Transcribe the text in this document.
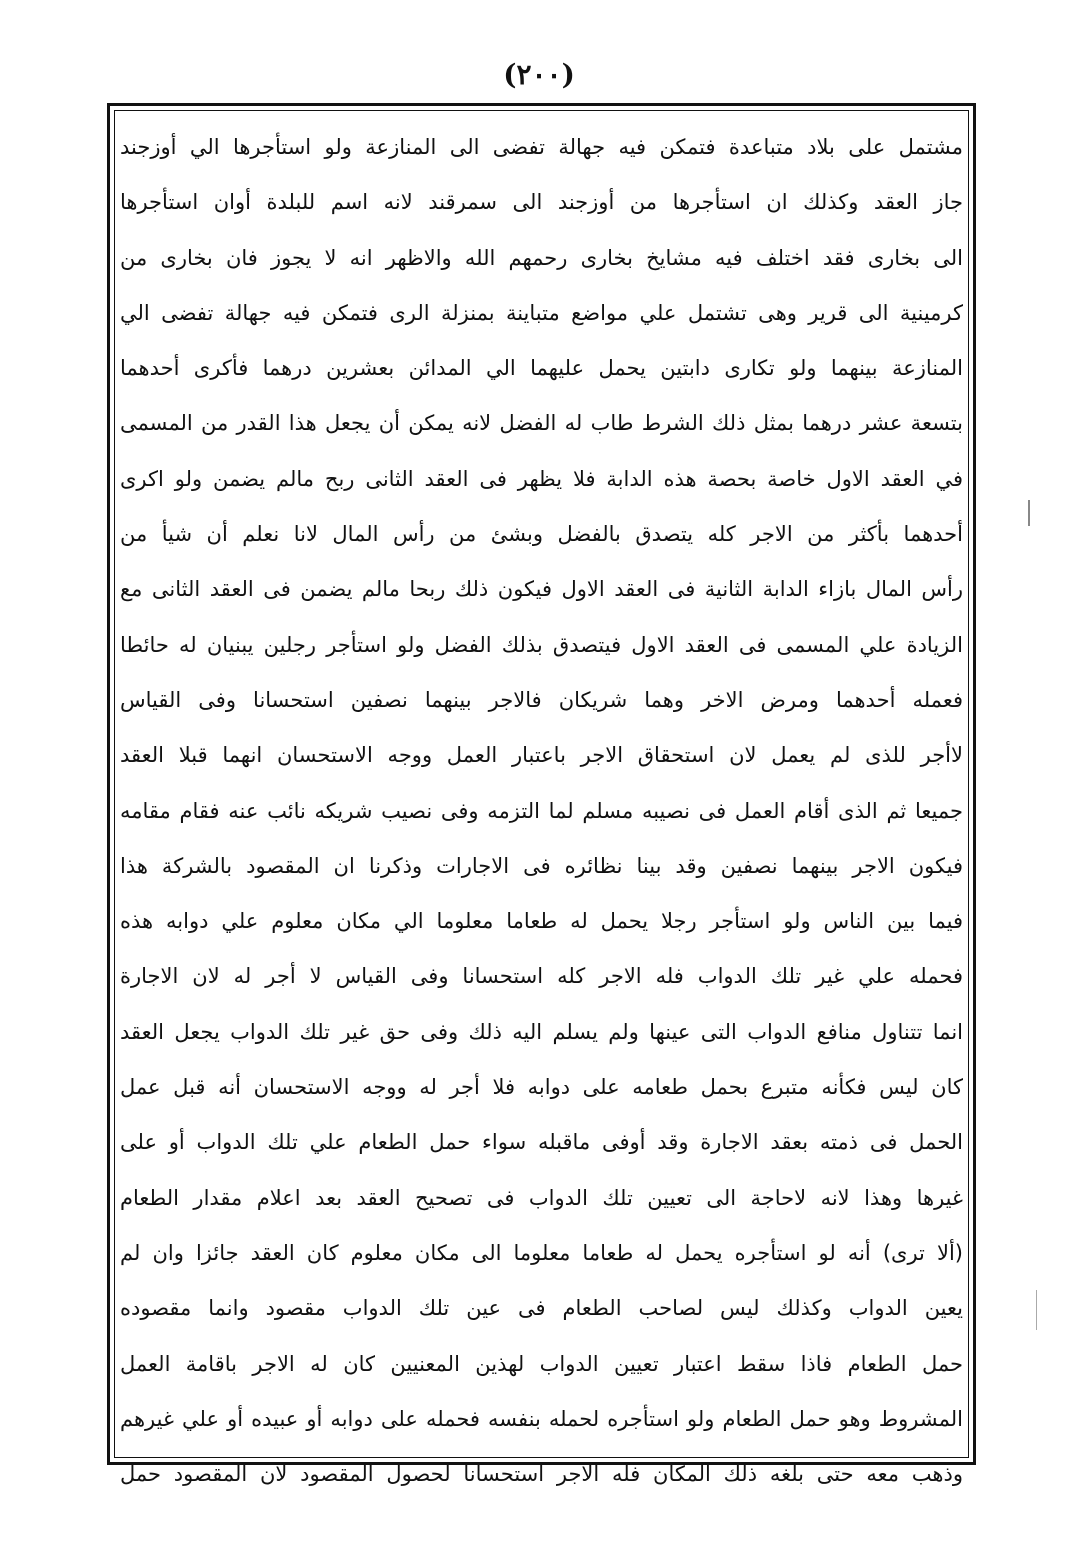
(٢٠٠)
مشتمل على بلاد متباعدة فتمكن فيه جهالة تفضى الى المنازعة ولو استأجرها الي أوزجند
جاز العقد وكذلك ان استأجرها من أوزجند الى سمرقند لانه اسم للبلدة أوان استأجرها
الى بخارى فقد اختلف فيه مشايخ بخارى رحمهم الله والاظهر انه لا يجوز فان بخارى من
كرمينية الى قرير وهى تشتمل علي مواضع متباينة بمنزلة الرى فتمكن فيه جهالة تفضى الي
المنازعة بينهما ولو تكارى دابتين يحمل عليهما الي المدائن بعشرين درهما فأكرى أحدهما
بتسعة عشر درهما بمثل ذلك الشرط طاب له الفضل لانه يمكن أن يجعل هذا القدر من المسمى
في العقد الاول خاصة بحصة هذه الدابة فلا يظهر فى العقد الثانى ربح مالم يضمن ولو اكرى
أحدهما بأكثر من الاجر كله يتصدق بالفضل وبشئ من رأس المال لانا نعلم أن شيأ من
رأس المال بازاء الدابة الثانية فى العقد الاول فيكون ذلك ربحا مالم يضمن فى العقد الثانى مع
الزيادة علي المسمى فى العقد الاول فيتصدق بذلك الفضل ولو استأجر رجلين يبنيان له حائطا
فعمله أحدهما ومرض الاخر وهما شريكان فالاجر بينهما نصفين استحسانا وفى القياس
لاأجر للذى لم يعمل لان استحقاق الاجر باعتبار العمل ووجه الاستحسان انهما قبلا العقد
جميعا ثم الذى أقام العمل فى نصيبه مسلم لما التزمه وفى نصيب شريكه نائب عنه فقام مقامه
فيكون الاجر بينهما نصفين وقد بينا نظائره فى الاجارات وذكرنا ان المقصود بالشركة هذا
فيما بين الناس ولو استأجر رجلا يحمل له طعاما معلوما الي مكان معلوم علي دوابه هذه
فحمله علي غير تلك الدواب فله الاجر كله استحسانا وفى القياس لا أجر له لان الاجارة
انما تتناول منافع الدواب التى عينها ولم يسلم اليه ذلك وفى حق غير تلك الدواب يجعل العقد
كان ليس فكأنه متبرع بحمل طعامه على دوابه فلا أجر له ووجه الاستحسان أنه قبل عمل
الحمل فى ذمته بعقد الاجارة وقد أوفى ماقبله سواء حمل الطعام علي تلك الدواب أو على
غيرها وهذا لانه لاحاجة الى تعيين تلك الدواب فى تصحيح العقد بعد اعلام مقدار الطعام
(ألا ترى) أنه لو استأجره يحمل له طعاما معلوما الى مكان معلوم كان العقد جائزا وان لم
يعين الدواب وكذلك ليس لصاحب الطعام فى عين تلك الدواب مقصود وانما مقصوده
حمل الطعام فاذا سقط اعتبار تعيين الدواب لهذين المعنيين كان له الاجر باقامة العمل
المشروط وهو حمل الطعام ولو استأجره لحمله بنفسه فحمله على دوابه أو عبيده أو علي غيرهم
وذهب معه حتى بلغه ذلك المكان فله الاجر استحسانا لحصول المقصود لان المقصود حمل
